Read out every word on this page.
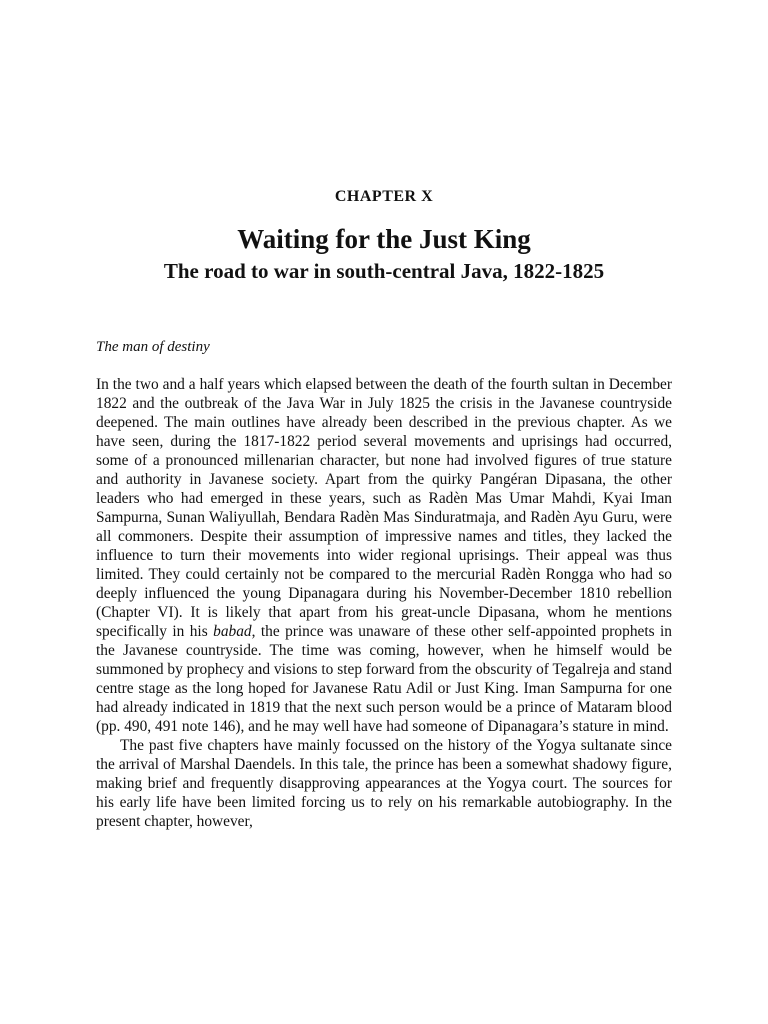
CHAPTER X
Waiting for the Just King
The road to war in south-central Java, 1822-1825
The man of destiny

In the two and a half years which elapsed between the death of the fourth sultan in December 1822 and the outbreak of the Java War in July 1825 the crisis in the Javanese countryside deepened. The main outlines have already been described in the previous chapter. As we have seen, during the 1817-1822 period several movements and uprisings had occurred, some of a pronounced millenarian character, but none had involved figures of true stature and authority in Javanese society. Apart from the quirky Pangéran Dipasana, the other leaders who had emerged in these years, such as Radèn Mas Umar Mahdi, Kyai Iman Sampurna, Sunan Waliyullah, Bendara Radèn Mas Sinduratmaja, and Radèn Ayu Guru, were all commoners. Despite their assumption of impressive names and titles, they lacked the influence to turn their movements into wider regional uprisings. Their appeal was thus limited. They could certainly not be compared to the mercurial Radèn Rongga who had so deeply influenced the young Dipanagara during his November-December 1810 rebellion (Chapter VI). It is likely that apart from his great-uncle Dipasana, whom he mentions specifically in his babad, the prince was unaware of these other self-appointed prophets in the Javanese countryside. The time was coming, however, when he himself would be summoned by prophecy and visions to step forward from the obscurity of Tegalreja and stand centre stage as the long hoped for Javanese Ratu Adil or Just King. Iman Sampurna for one had already indicated in 1819 that the next such person would be a prince of Mataram blood (pp. 490, 491 note 146), and he may well have had someone of Dipanagara’s stature in mind.

The past five chapters have mainly focussed on the history of the Yogya sultanate since the arrival of Marshal Daendels. In this tale, the prince has been a somewhat shadowy figure, making brief and frequently disapproving appearances at the Yogya court. The sources for his early life have been limited forcing us to rely on his remarkable autobiography. In the present chapter, however,
